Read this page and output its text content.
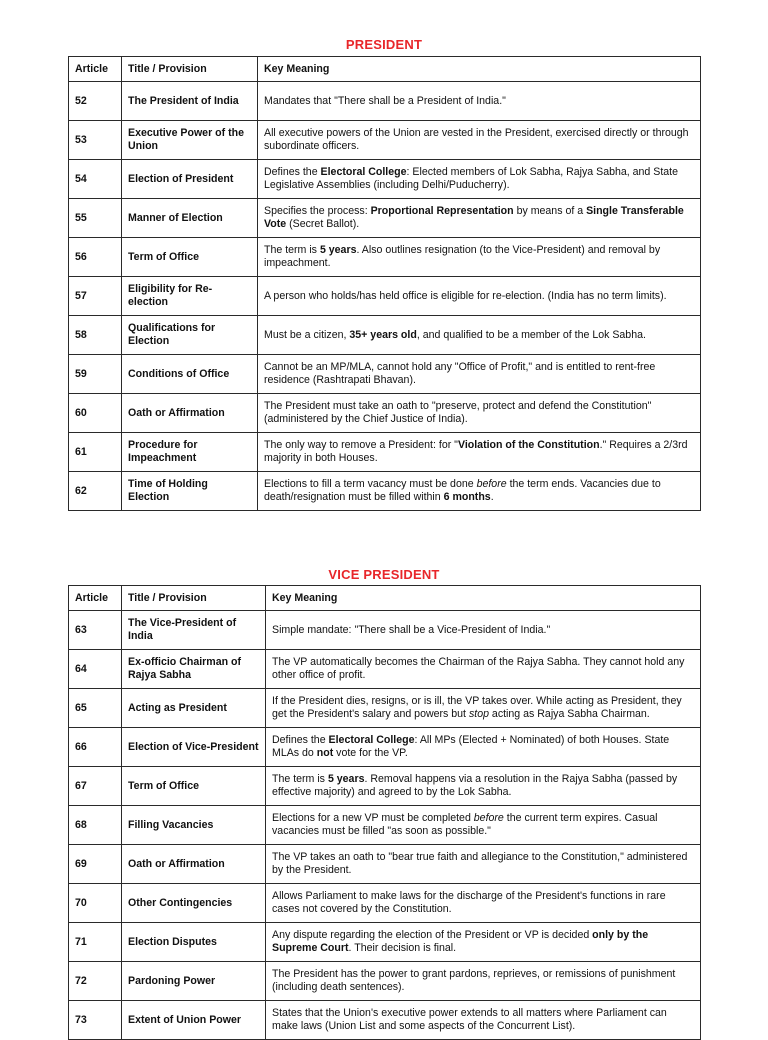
PRESIDENT
Article	Title / Provision	Key Meaning
52	The President of India	Mandates that "There shall be a President of India."
53	Executive Power of the Union	All executive powers of the Union are vested in the President, exercised directly or through subordinate officers.
54	Election of President	Defines the Electoral College: Elected members of Lok Sabha, Rajya Sabha, and State Legislative Assemblies (including Delhi/Puducherry).
55	Manner of Election	Specifies the process: Proportional Representation by means of a Single Transferable Vote (Secret Ballot).
56	Term of Office	The term is 5 years. Also outlines resignation (to the Vice-President) and removal by impeachment.
57	Eligibility for Re-election	A person who holds/has held office is eligible for re-election. (India has no term limits).
58	Qualifications for Election	Must be a citizen, 35+ years old, and qualified to be a member of the Lok Sabha.
59	Conditions of Office	Cannot be an MP/MLA, cannot hold any "Office of Profit," and is entitled to rent-free residence (Rashtrapati Bhavan).
60	Oath or Affirmation	The President must take an oath to "preserve, protect and defend the Constitution" (administered by the Chief Justice of India).
61	Procedure for Impeachment	The only way to remove a President: for "Violation of the Constitution." Requires a 2/3rd majority in both Houses.
62	Time of Holding Election	Elections to fill a term vacancy must be done before the term ends. Vacancies due to death/resignation must be filled within 6 months.
VICE PRESIDENT
Article	Title / Provision	Key Meaning
63	The Vice-President of India	Simple mandate: "There shall be a Vice-President of India."
64	Ex-officio Chairman of Rajya Sabha	The VP automatically becomes the Chairman of the Rajya Sabha. They cannot hold any other office of profit.
65	Acting as President	If the President dies, resigns, or is ill, the VP takes over. While acting as President, they get the President's salary and powers but stop acting as Rajya Sabha Chairman.
66	Election of Vice-President	Defines the Electoral College: All MPs (Elected + Nominated) of both Houses. State MLAs do not vote for the VP.
67	Term of Office	The term is 5 years. Removal happens via a resolution in the Rajya Sabha (passed by effective majority) and agreed to by the Lok Sabha.
68	Filling Vacancies	Elections for a new VP must be completed before the current term expires. Casual vacancies must be filled "as soon as possible."
69	Oath or Affirmation	The VP takes an oath to "bear true faith and allegiance to the Constitution," administered by the President.
70	Other Contingencies	Allows Parliament to make laws for the discharge of the President's functions in rare cases not covered by the Constitution.
71	Election Disputes	Any dispute regarding the election of the President or VP is decided only by the Supreme Court. Their decision is final.
72	Pardoning Power	The President has the power to grant pardons, reprieves, or remissions of punishment (including death sentences).
73	Extent of Union Power	States that the Union's executive power extends to all matters where Parliament can make laws (Union List and some aspects of the Concurrent List).
